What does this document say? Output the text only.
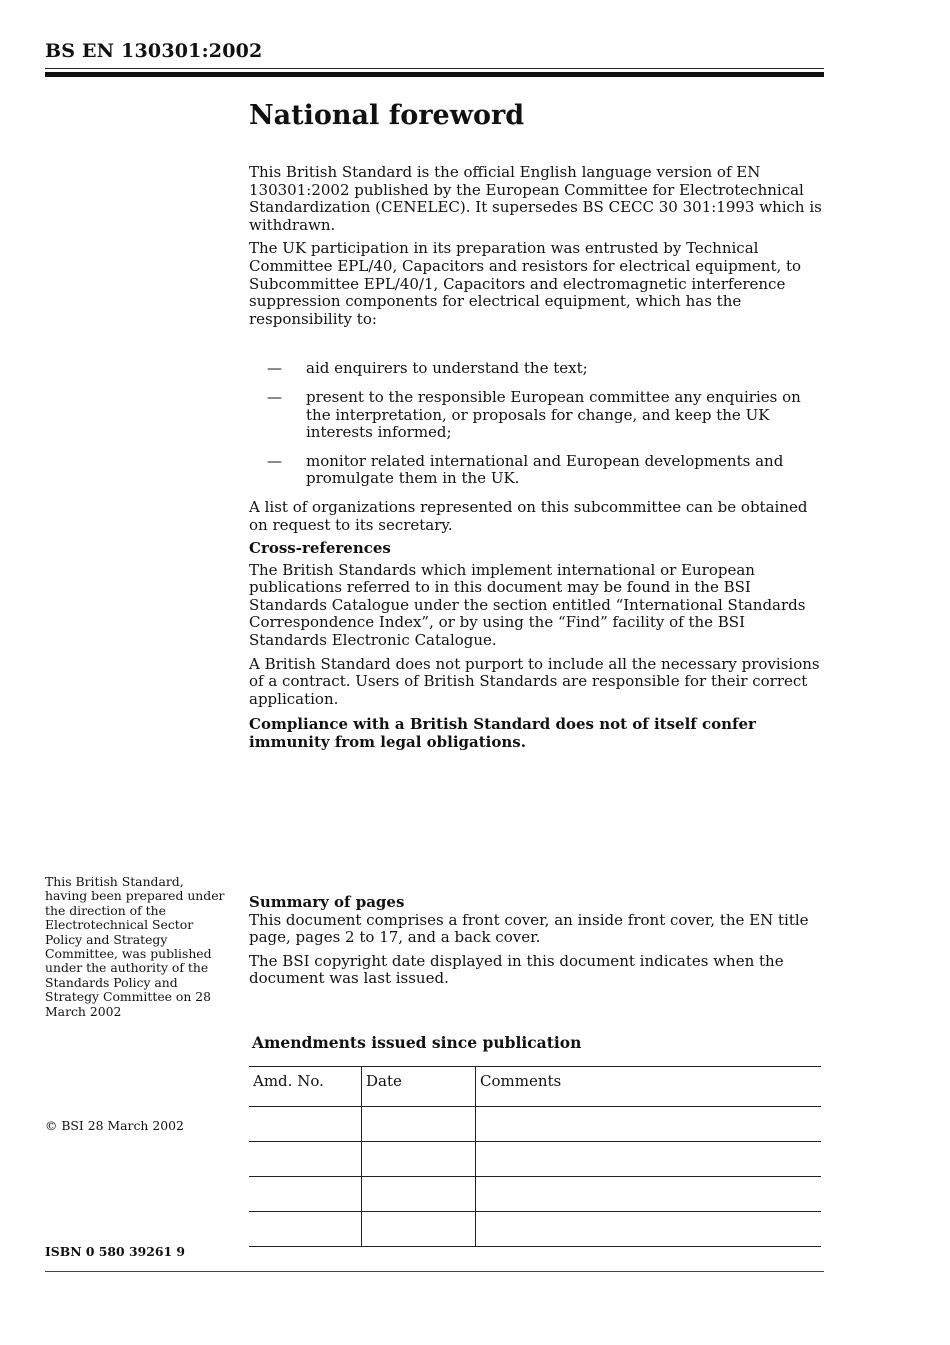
BS EN 130301:2002
National foreword

This British Standard is the official English language version of EN 130301:2002 published by the European Committee for Electrotechnical Standardization (CENELEC). It supersedes BS CECC 30 301:1993 which is withdrawn.

The UK participation in its preparation was entrusted by Technical Committee EPL/40, Capacitors and resistors for electrical equipment, to Subcommittee EPL/40/1, Capacitors and electromagnetic interference suppression components for electrical equipment, which has the responsibility to:

— aid enquirers to understand the text;
— present to the responsible European committee any enquiries on the interpretation, or proposals for change, and keep the UK interests informed;
— monitor related international and European developments and promulgate them in the UK.

A list of organizations represented on this subcommittee can be obtained on request to its secretary.

Cross-references

The British Standards which implement international or European publications referred to in this document may be found in the BSI Standards Catalogue under the section entitled “International Standards Correspondence Index”, or by using the “Find” facility of the BSI Standards Electronic Catalogue.

A British Standard does not purport to include all the necessary provisions of a contract. Users of British Standards are responsible for their correct application.

Compliance with a British Standard does not of itself confer immunity from legal obligations.

This British Standard, having been prepared under the direction of the Electrotechnical Sector Policy and Strategy Committee, was published under the authority of the Standards Policy and Strategy Committee on 28 March 2002
Summary of pages

This document comprises a front cover, an inside front cover, the EN title page, pages 2 to 17, and a back cover.

The BSI copyright date displayed in this document indicates when the document was last issued.

Amendments issued since publication
Amd. No.	Date	Comments

© BSI 28 March 2002
ISBN 0 580 39261 9
